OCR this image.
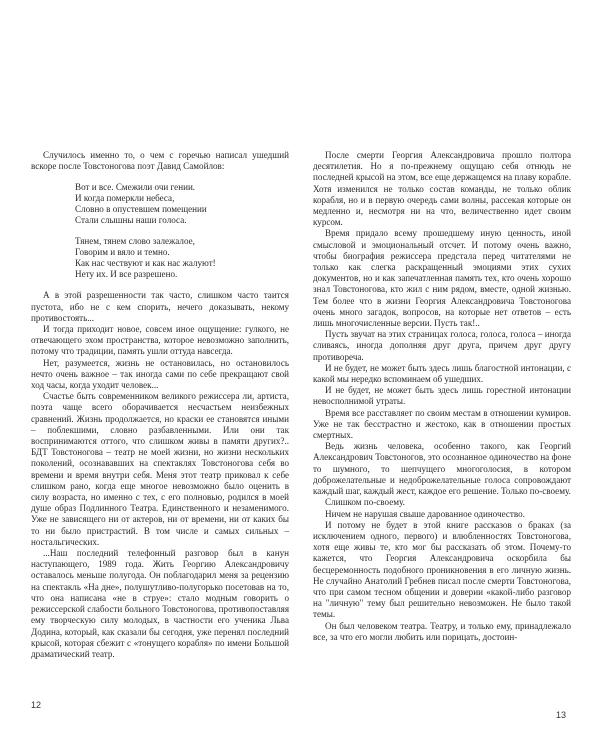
Случилось именно то, о чем с горечью написал ушедший вскоре после Товстоногова поэт Давид Самойлов:

Вот и все. Смежили очи гении.
И когда померкли небеса,
Словно в опустевшем помещении
Стали слышны наши голоса.
Тянем, тянем слово залежалое,
Говорим и вяло и темно.
Как нас чествуют и как нас жалуют!
Нету их. И все разрешено.

А в этой разрешенности так часто, слишком часто таится пустота, ибо не с кем спорить, нечего доказывать, некому противостоять...

И тогда приходит новое, совсем иное ощущение: гулкого, не отвечающего эхом пространства, которое невозможно заполнить, потому что традиции, память ушли оттуда навсегда.

Нет, разумеется, жизнь не остановилась, но остановилось нечто очень важное – так иногда сами по себе прекращают свой ход часы, когда уходит человек...

Счастье быть современником великого режиссера ли, артиста, поэта чаще всего оборачивается несчастьем неизбежных сравнений. Жизнь продолжается, но краски ее становятся иными – поблекшими, словно разбавленными. Или они так воспринимаются оттого, что слишком живы в памяти других?.. БДТ Товстоногова – театр не моей жизни, но жизни нескольких поколений, осознававших на спектаклях Товстоногова себя во времени и время внутри себя. Меня этот театр приковал к себе слишком рано, когда еще многое невозможно было оценить в силу возраста, но именно с тех, с его полновью, родился в моей душе образ Подлинного Театра. Единственного и незаменимого. Уже не зависящего ни от актеров, ни от времени, ни от каких бы то ни было пристрастий. В том числе и самых сильных – ностальгических.

...Наш последний телефонный разговор был в канун наступающего, 1989 года. Жить Георгию Александровичу оставалось меньше полугода. Он поблагодарил меня за рецензию на спектакль «На дне», полушутливо-полугорько посетовав на то, что она написана «не в струе»: стало модным говорить о режиссерской слабости больного Товстоногова, противопоставляя ему творческую силу молодых, в частности его ученика Льва Додина, который, как сказали бы сегодня, уже перенял последний крысой, которая сбежит с «тонущего корабля» по имени Большой драматический театр.

После смерти Георгия Александровича прошло полтора десятилетия. Но я по-прежнему ощущаю себя отнюдь не последней крысой на этом, все еще держащемся на плаву корабле. Хотя изменился не только состав команды, не только облик корабля, но и в первую очередь сами волны, рассекая которые он медленно и, несмотря ни на что, величественно идет своим курсом.

Время придало всему прошедшему иную ценность, иной смысловой и эмоциональный отсчет. И потому очень важно, чтобы биография режиссера предстала перед читателями не только как слегка раскращенный эмоциями этих сухих документов, но и как запечатленная память тех, кто очень хорошо знал Товстоногова, кто жил с ним рядом, вместе, одной жизнью. Тем более что в жизни Георгия Александровича Товстоногова очень много загадок, вопросов, на которые нет ответов – есть лишь многочисленные версии. Пусть так!..

Пусть звучат на этих страницах голоса, голоса, голоса – иногда сливаясь, иногда дополняя друг друга, причем друг другу противореча.

И не будет, не может быть здесь лишь благостной интонации, с какой мы нередко вспоминаем об ушедших.

И не будет, не может быть здесь лишь горестной интонации невосполнимой утраты.

Время все расставляет по своим местам в отношении кумиров. Уже не так бесстрастно и жестоко, как в отношении простых смертных.

Ведь жизнь человека, особенно такого, как Георгий Александрович Товстоногов, это осознанное одиночество на фоне то шумного, то шепчущего многоголосия, в котором доброжелательные и недоброжелательные голоса сопровождают каждый шаг, каждый жест, каждое его решение. Только по-своему.

Слишком по-своему.

Ничем не нарушая свыше дарованное одиночество.

И потому не будет в этой книге рассказов о браках (за исключением одного, первого) и влюбленностях Товстоногова, хотя еще живы те, кто мог бы рассказать об этом. Почему-то кажется, что Георгия Александровича оскорбила бы бесцеремонность подобного проникновения в его личную жизнь. Не случайно Анатолий Гребнев писал после смерти Товстоногова, что при самом тесном общении и доверии «какой-либо разговор на "личную" тему был решительно невозможен. Не было такой темы.

Он был человеком театра. Театру, и только ему, принадлежало все, за что его могли любить или порицать, достоин-

12
13
